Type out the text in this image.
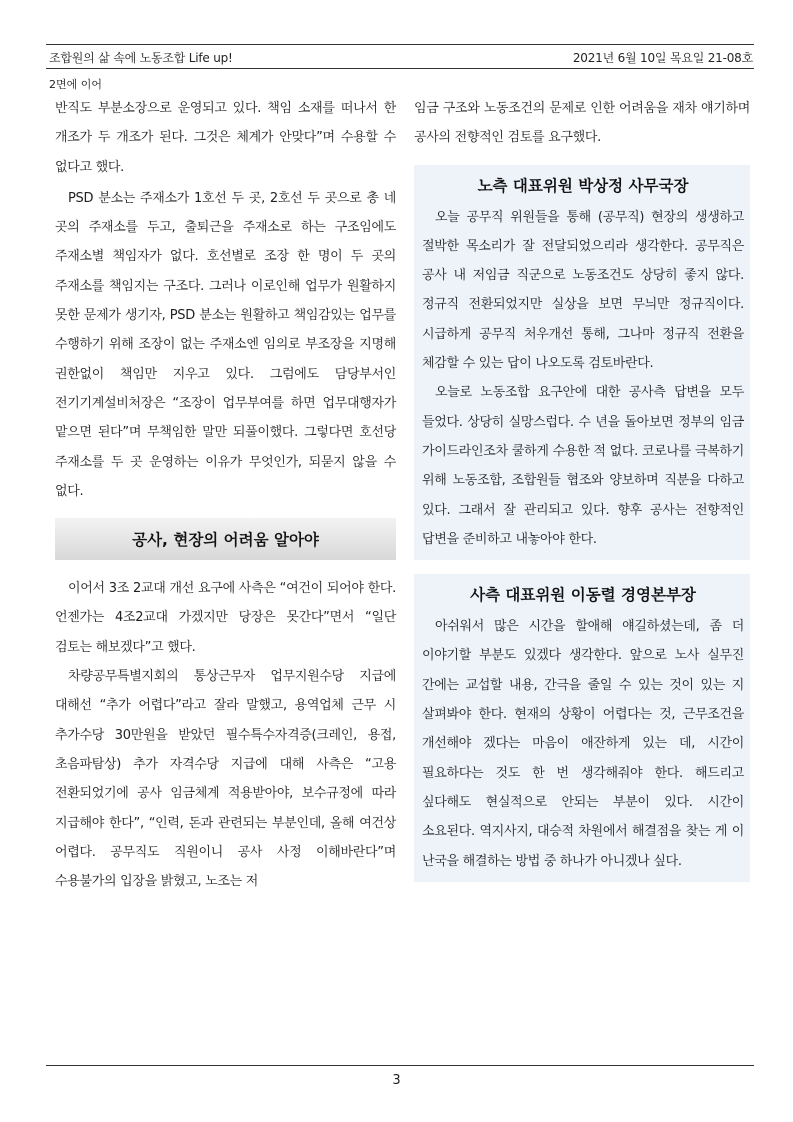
조합원의 삶 속에 노동조합 Life up!	2021년 6월 10일 목요일 21-08호
2면에 이어

반직도 부분소장으로 운영되고 있다. 책임 소재를 떠나서 한 개조가 두 개조가 된다. 그것은 체계가 안맞다”며 수용할 수 없다고 했다.

PSD 분소는 주재소가 1호선 두 곳, 2호선 두 곳으로 총 네 곳의 주재소를 두고, 출퇴근을 주재소로 하는 구조임에도 주재소별 책임자가 없다. 호선별로 조장 한 명이 두 곳의 주재소를 책임지는 구조다. 그러나 이로인해 업무가 원활하지 못한 문제가 생기자, PSD 분소는 원활하고 책임감있는 업무를 수행하기 위해 조장이 없는 주재소엔 임의로 부조장을 지명해 권한없이 책임만 지우고 있다. 그럼에도 담당부서인 전기기계설비처장은 “조장이 업무부여를 하면 업무대행자가 맡으면 된다”며 무책임한 말만 되풀이했다. 그렇다면 호선당 주재소를 두 곳 운영하는 이유가 무엇인가, 되묻지 않을 수 없다.

공사, 현장의 어려움 알아야

이어서 3조 2교대 개선 요구에 사측은 “여건이 되어야 한다. 언젠가는 4조2교대 가겠지만 당장은 못간다”면서 “일단 검토는 해보겠다”고 했다.

차량공무특별지회의 통상근무자 업무지원수당 지급에 대해선 “추가 어렵다”라고 잘라 말했고, 용역업체 근무 시 추가수당 30만원을 받았던 필수특수자격증(크레인, 용접, 초음파탐상) 추가 자격수당 지급에 대해 사측은 “고용 전환되었기에 공사 임금체계 적용받아야, 보수규정에 따라 지급해야 한다”, “인력, 돈과 관련되는 부분인데, 올해 여건상 어렵다. 공무직도 직원이니 공사 사정 이해바란다”며 수용불가의 입장을 밝혔고, 노조는 저

임금 구조와 노동조건의 문제로 인한 어려움을 재차 얘기하며 공사의 전향적인 검토를 요구했다.

노측 대표위원 박상정 사무국장

오늘 공무직 위원들을 통해 (공무직) 현장의 생생하고 절박한 목소리가 잘 전달되었으리라 생각한다. 공무직은 공사 내 저임금 직군으로 노동조건도 상당히 좋지 않다. 정규직 전환되었지만 실상을 보면 무늬만 정규직이다. 시급하게 공무직 처우개선 통해, 그나마 정규직 전환을 체감할 수 있는 답이 나오도록 검토바란다.

오늘로 노동조합 요구안에 대한 공사측 답변을 모두 들었다. 상당히 실망스럽다. 수 년을 돌아보면 정부의 임금 가이드라인조차 쿨하게 수용한 적 없다. 코로나를 극복하기 위해 노동조합, 조합원들 협조와 양보하며 직분을 다하고 있다. 그래서 잘 관리되고 있다. 향후 공사는 전향적인 답변을 준비하고 내놓아야 한다.

사측 대표위원 이동렬 경영본부장

아쉬워서 많은 시간을 할애해 얘길하셨는데, 좀 더 이야기할 부분도 있겠다 생각한다. 앞으로 노사 실무진 간에는 교섭할 내용, 간극을 줄일 수 있는 것이 있는 지 살펴봐야 한다. 현재의 상황이 어렵다는 것, 근무조건을 개선해야 겠다는 마음이 애잔하게 있는 데, 시간이 필요하다는 것도 한 번 생각해줘야 한다. 해드리고 싶다해도 현실적으로 안되는 부분이 있다. 시간이 소요된다. 역지사지, 대승적 차원에서 해결점을 찾는 게 이 난국을 해결하는 방법 중 하나가 아니겠나 싶다.

3
